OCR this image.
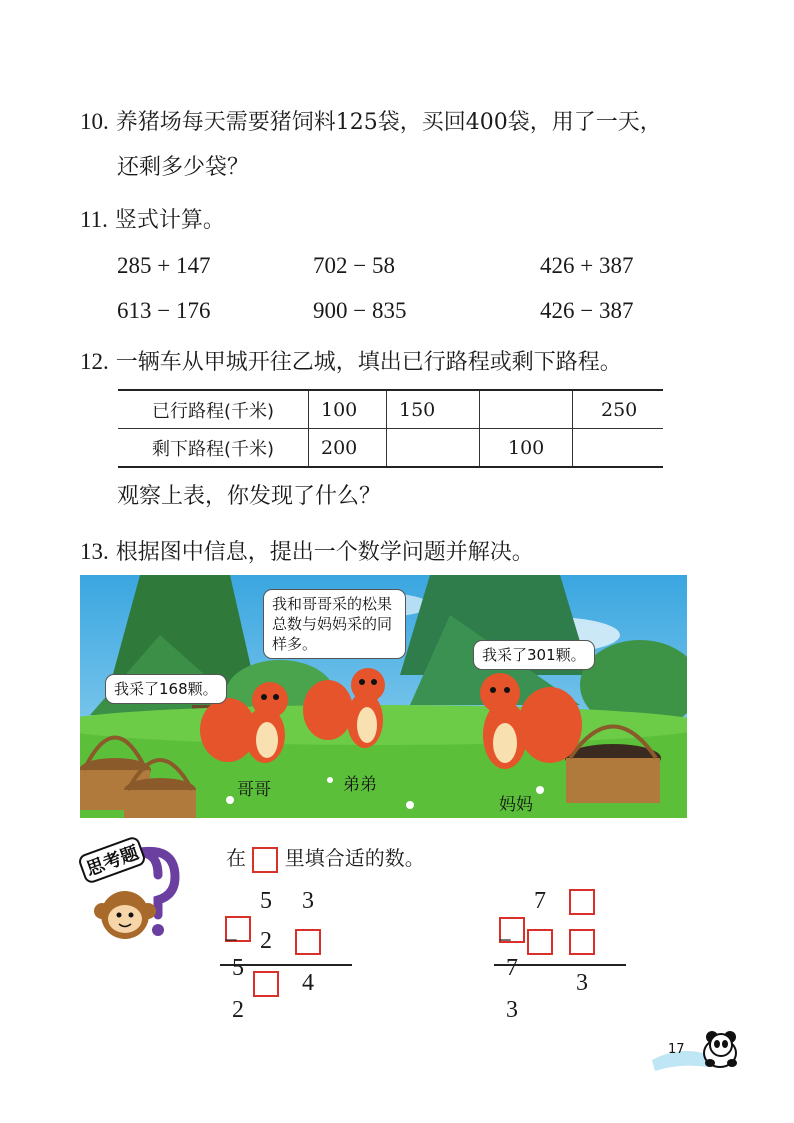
10. 养猪场每天需要猪饲料125袋，买回400袋，用了一天，
还剩多少袋？
11. 竖式计算。
285 + 147	702 − 58	426 + 387
613 − 176	900 − 835	426 − 387
12. 一辆车从甲城开往乙城，填出已行路程或剩下路程。
已行路程(千米)	100	150		250
剩下路程(千米)	200		100	
观察上表，你发现了什么？
13. 根据图中信息，提出一个数学问题并解决。
我采了168颗。
我和哥哥采的松果总数与妈妈采的同样多。
我采了301颗。
哥哥	弟弟
妈妈
思考题	在 里填合适的数。
5 3
− 2  5
4 2
7
−   7
3 3
17
